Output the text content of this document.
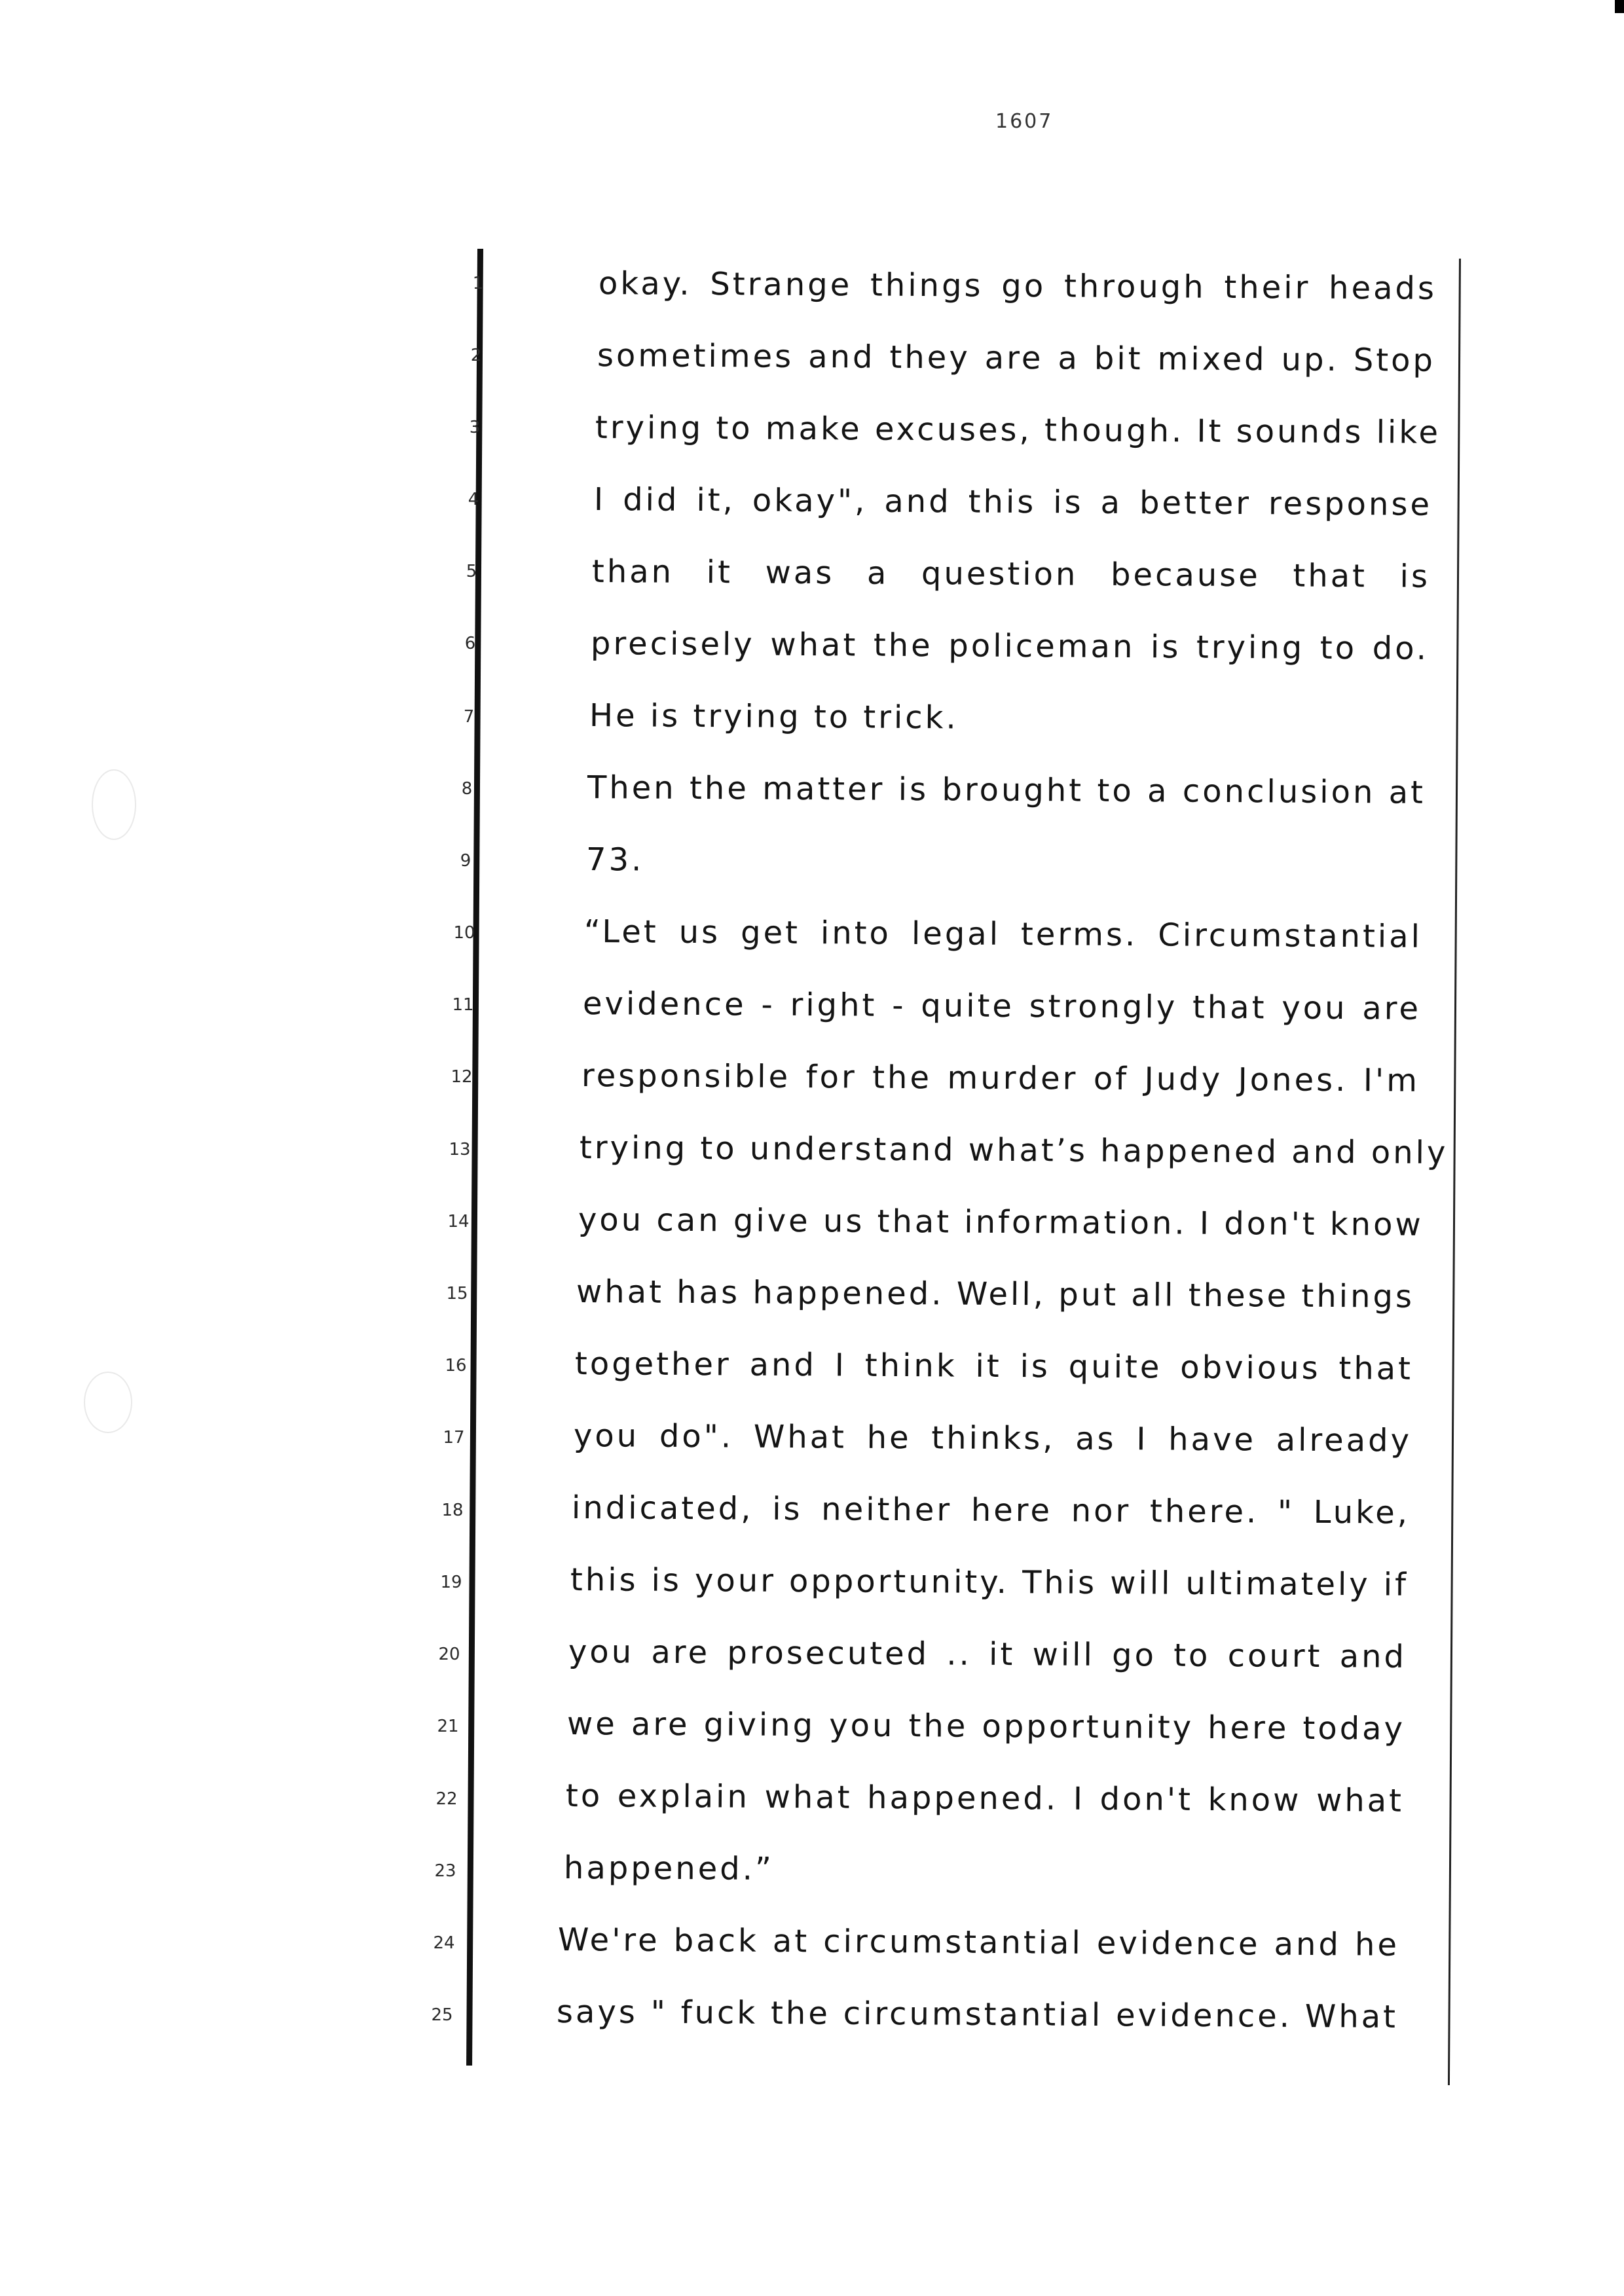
1607
1
2
3
4
5
6
7
8
9
10
11
12
13
14
15
16
17
18
19
20
21
22
23
24
25
okay. Strange things go through their heads
sometimes and they are a bit mixed up. Stop
trying to make excuses, though. It sounds like
I did it, okay", and this is a better response
than it was a question because that is
precisely what the policeman is trying to do.
He is trying to trick.
Then the matter is brought to a conclusion at
73.
“Let us get into legal terms. Circumstantial
evidence - right - quite strongly that you are
responsible for the murder of Judy Jones. I'm
trying to understand what’s happened and only
you can give us that information. I don't know
what has happened. Well, put all these things
together and I think it is quite obvious that
you do". What he thinks, as I have already
indicated, is neither here nor there. " Luke,
this is your opportunity. This will ultimately if
you are prosecuted .. it will go to court and
we are giving you the opportunity here today
to explain what happened. I don't know what
happened.”
We're back at circumstantial evidence and he
says " fuck the circumstantial evidence. What
